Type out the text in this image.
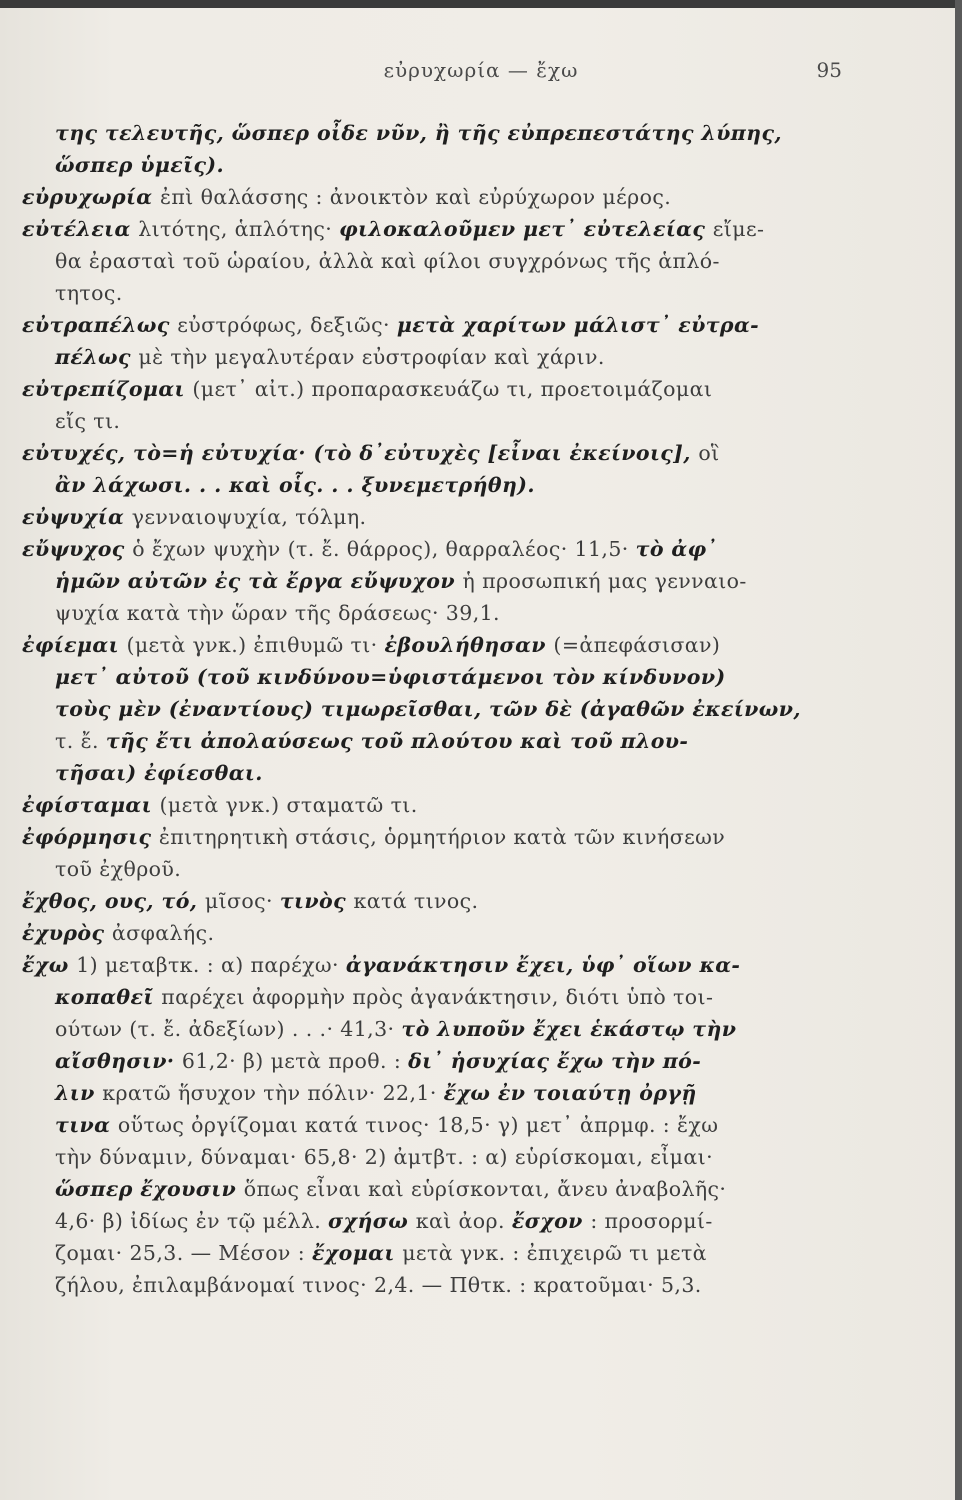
εὐρυχωρία — ἔχω	95
της τελευτῆς, ὥσπερ οἶδε νῦν, ἢ τῆς εὐπρεπεστάτης λύπης,
ὥσπερ ὑμεῖς).
εὐρυχωρία ἐπὶ θαλάσσης : ἀνοικτὸν καὶ εὐρύχωρον μέρος.
εὐτέλεια λιτότης, ἁπλότης· φιλοκαλοῦμεν μετ᾽ εὐτελείας εἴμε-
θα ἐρασταὶ τοῦ ὡραίου, ἀλλὰ καὶ φίλοι συγχρόνως τῆς ἁπλό-
τητος.
εὐτραπέλως εὐστρόφως, δεξιῶς· μετὰ χαρίτων μάλιστ᾽ εὐτρα-
πέλως μὲ τὴν μεγαλυτέραν εὐστροφίαν καὶ χάριν.
εὐτρεπίζομαι (μετ᾽ αἰτ.) προπαρασκευάζω τι, προετοιμάζομαι
εἴς τι.
εὐτυχές, τὸ=ἡ εὐτυχία· (τὸ δ᾽εὐτυχὲς [εἶναι ἐκείνοις], οἳ
ἂν λάχωσι. . . καὶ οἷς. . . ξυνεμετρήθη).
εὐψυχία γενναιοψυχία, τόλμη.
εὔψυχος ὁ ἔχων ψυχὴν (τ. ἔ. θάρρος), θαρραλέος· 11,5· τὸ ἀφ᾽
ἡμῶν αὐτῶν ἐς τὰ ἔργα εὔψυχον ἡ προσωπική μας γενναιο-
ψυχία κατὰ τὴν ὥραν τῆς δράσεως· 39,1.
ἐφίεμαι (μετὰ γνκ.) ἐπιθυμῶ τι· ἐβουλήθησαν (=ἀπεφάσισαν)
μετ᾽ αὐτοῦ (τοῦ κινδύνου=ὑφιστάμενοι τὸν κίνδυνον)
τοὺς μὲν (ἐναντίους) τιμωρεῖσθαι, τῶν δὲ (ἀγαθῶν ἐκείνων,
τ. ἔ. τῆς ἔτι ἀπολαύσεως τοῦ πλούτου καὶ τοῦ πλου-
τῆσαι) ἐφίεσθαι.
ἐφίσταμαι (μετὰ γνκ.) σταματῶ τι.
ἐφόρμησις ἐπιτηρητικὴ στάσις, ὁρμητήριον κατὰ τῶν κινήσεων
τοῦ ἐχθροῦ.
ἔχθος, ους, τό, μῖσος· τινὸς κατά τινος.
ἐχυρὸς ἀσφαλής.
ἔχω 1) μεταβτκ. : α) παρέχω· ἀγανάκτησιν ἔχει, ὑφ᾽ οἵων κα-
κοπαθεῖ παρέχει ἀφορμὴν πρὸς ἀγανάκτησιν, διότι ὑπὸ τοι-
ούτων (τ. ἔ. ἀδεξίων) . . .· 41,3· τὸ λυποῦν ἔχει ἑκάστῳ τὴν
αἴσθησιν· 61,2· β) μετὰ προθ. : δι᾽ ἡσυχίας ἔχω τὴν πό-
λιν κρατῶ ἥσυχον τὴν πόλιν· 22,1· ἔχω ἐν τοιαύτῃ ὀργῇ
τινα οὕτως ὀργίζομαι κατά τινος· 18,5· γ) μετ᾽ ἀπρμφ. : ἔχω
τὴν δύναμιν, δύναμαι· 65,8· 2) ἀμτβτ. : α) εὑρίσκομαι, εἶμαι·
ὥσπερ ἔχουσιν ὅπως εἶναι καὶ εὑρίσκονται, ἄνευ ἀναβολῆς·
4,6· β) ἰδίως ἐν τῷ μέλλ. σχήσω καὶ ἀορ. ἔσχον : προσορμί-
ζομαι· 25,3. — Μέσον : ἔχομαι μετὰ γνκ. : ἐπιχειρῶ τι μετὰ
ζήλου, ἐπιλαμβάνομαί τινος· 2,4. — Πθτκ. : κρατοῦμαι· 5,3.
